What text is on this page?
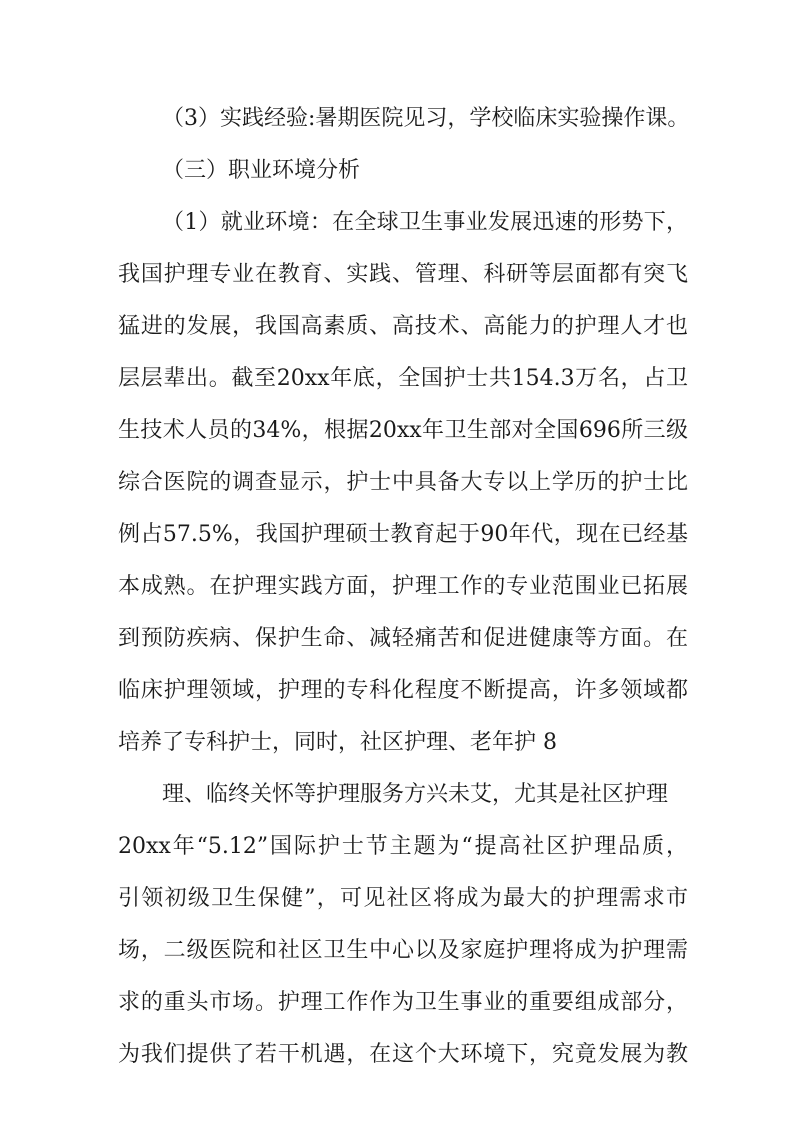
（3）实践经验:暑期医院见习，学校临床实验操作课。
（三）职业环境分析
（1）就业环境：在全球卫生事业发展迅速的形势下，
我国护理专业在教育、实践、管理、科研等层面都有突飞
猛进的发展，我国高素质、高技术、高能力的护理人才也
层层辈出。截至20xx年底，全国护士共154.3万名，占卫
生技术人员的34%，根据20xx年卫生部对全国696所三级
综合医院的调查显示，护士中具备大专以上学历的护士比
例占57.5%，我国护理硕士教育起于90年代，现在已经基
本成熟。在护理实践方面，护理工作的专业范围业已拓展
到预防疾病、保护生命、减轻痛苦和促进健康等方面。在
临床护理领域，护理的专科化程度不断提高，许多领域都
培养了专科护士，同时，社区护理、老年护 8
理、临终关怀等护理服务方兴未艾，尤其是社区护理
20xx年“5.12”国际护士节主题为“提高社区护理品质，
引领初级卫生保健”，可见社区将成为最大的护理需求市
场，二级医院和社区卫生中心以及家庭护理将成为护理需
求的重头市场。护理工作作为卫生事业的重要组成部分，
为我们提供了若干机遇，在这个大环境下，究竟发展为教
